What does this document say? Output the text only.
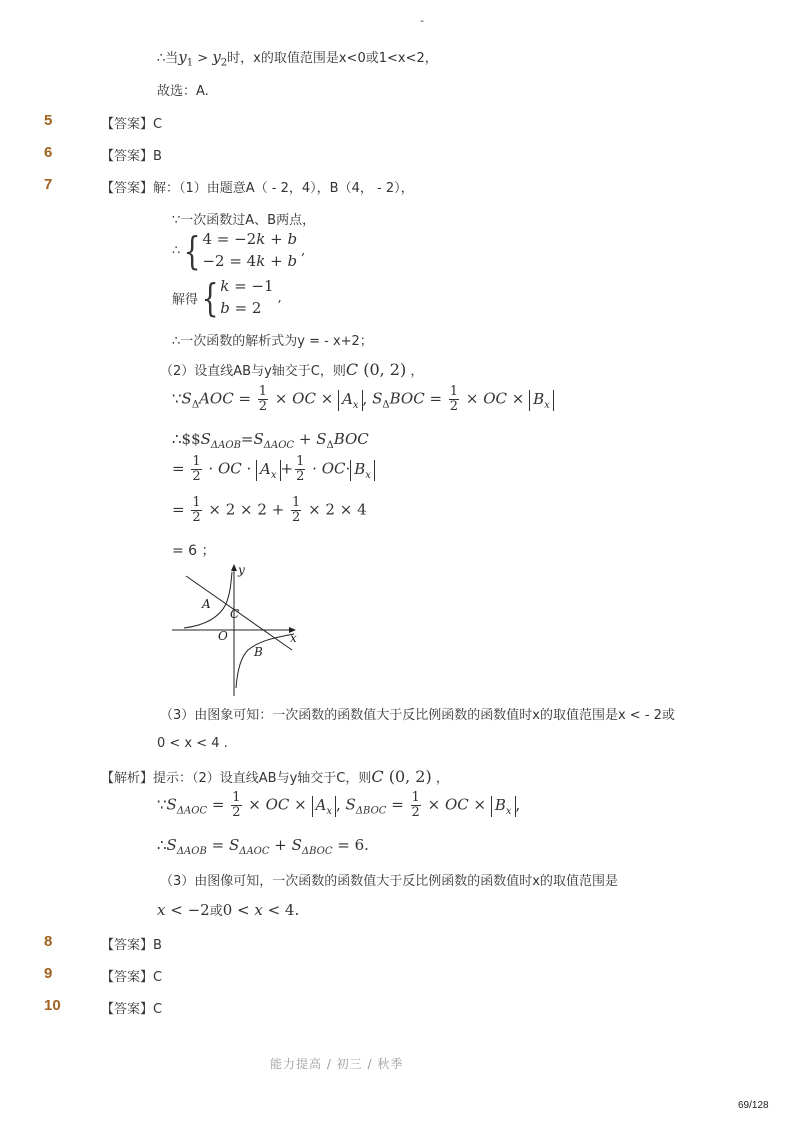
-
∴当$y_1 > y_2$时，x的取值范围是x<0或1<x<2，
故选：A.
5	【答案】C
6	【答案】B
7	【答案】解：（1）由题意A（ - 2，4），B（4， - 2），
∵一次函数过A、B两点，
∴{ 4 = −2k + b
−2 = 4k + b ,
解得{ k = −1
b = 2 ,
∴一次函数的解析式为y = - x+2；
（2）设直线AB与y轴交于C，则C (0, 2) ，
$\because S_\Delta AOC = \frac{1}{2}$ × OC × $A_x$ , $S_\Delta BOC = \frac{1}{2}$ × OC × $B_x$
$\therefore\$\$S_{\Delta AOB}=S_{\Delta AOC} + S_\Delta BOC$
= $\frac{1}{2}$ · OC · $A_x + \frac{1}{2} \cdot OC\cdot B_x$
= $\frac{1}{2} \times 2 \times 2 + \frac{1}{2} \times 2 \times 4$
= 6 ；
x
y
O
A
C
B
（3）由图象可知：一次函数的函数值大于反比例函数的函数值时x的取值范围是x < - 2或
0 < x < 4 .
【解析】提示：（2）设直线AB与y轴交于C，则C (0, 2) ，
$\because S_{\Delta AOC} = \frac{1}{2}$ × OC × $A_x$ , $S_{\Delta BOC} = \frac{1}{2}$ × OC × $B_x$ ,
$\therefore S_{\Delta AOB} = S_{\Delta AOC} + S_{\Delta BOC} = 6$.
（3）由图像可知，一次函数的函数值大于反比例函数的函数值时x的取值范围是
x < −2或0 < x < 4.
8	【答案】B
9	【答案】C
10	【答案】C
能力提高 / 初三 / 秋季
69/128
